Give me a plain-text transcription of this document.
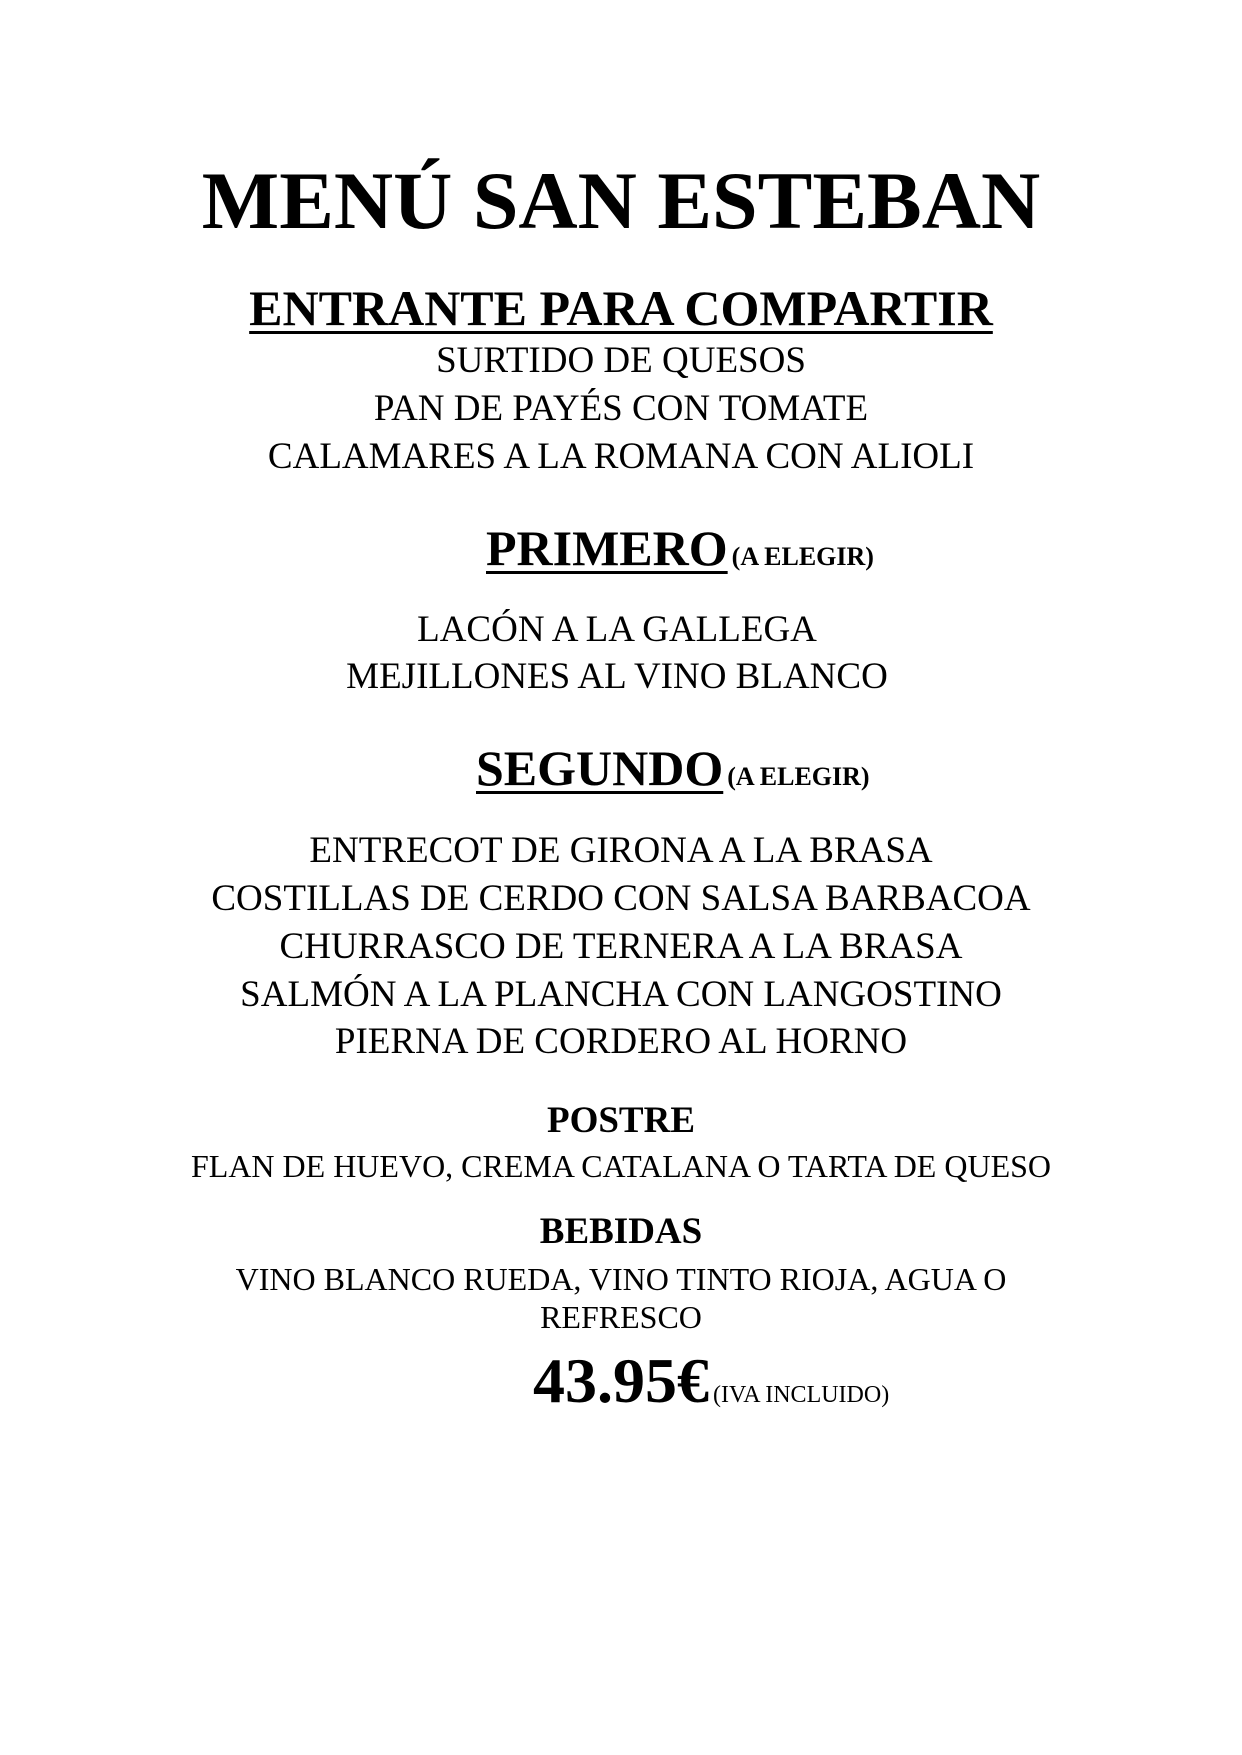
MENÚ SAN ESTEBAN
ENTRANTE PARA COMPARTIR
SURTIDO DE QUESOS
PAN DE PAYÉS CON TOMATE
CALAMARES A LA ROMANA CON ALIOLI
PRIMERO (A ELEGIR)
LACÓN A LA GALLEGA
MEJILLONES AL VINO BLANCO
SEGUNDO (A ELEGIR)
ENTRECOT DE GIRONA A LA BRASA
COSTILLAS DE CERDO CON SALSA BARBACOA
CHURRASCO DE TERNERA A LA BRASA
SALMÓN A LA PLANCHA CON LANGOSTINO
PIERNA DE CORDERO AL HORNO
POSTRE
FLAN DE HUEVO, CREMA CATALANA O TARTA DE QUESO
BEBIDAS
VINO BLANCO RUEDA, VINO TINTO RIOJA, AGUA O
REFRESCO
43.95€ (IVA INCLUIDO)
